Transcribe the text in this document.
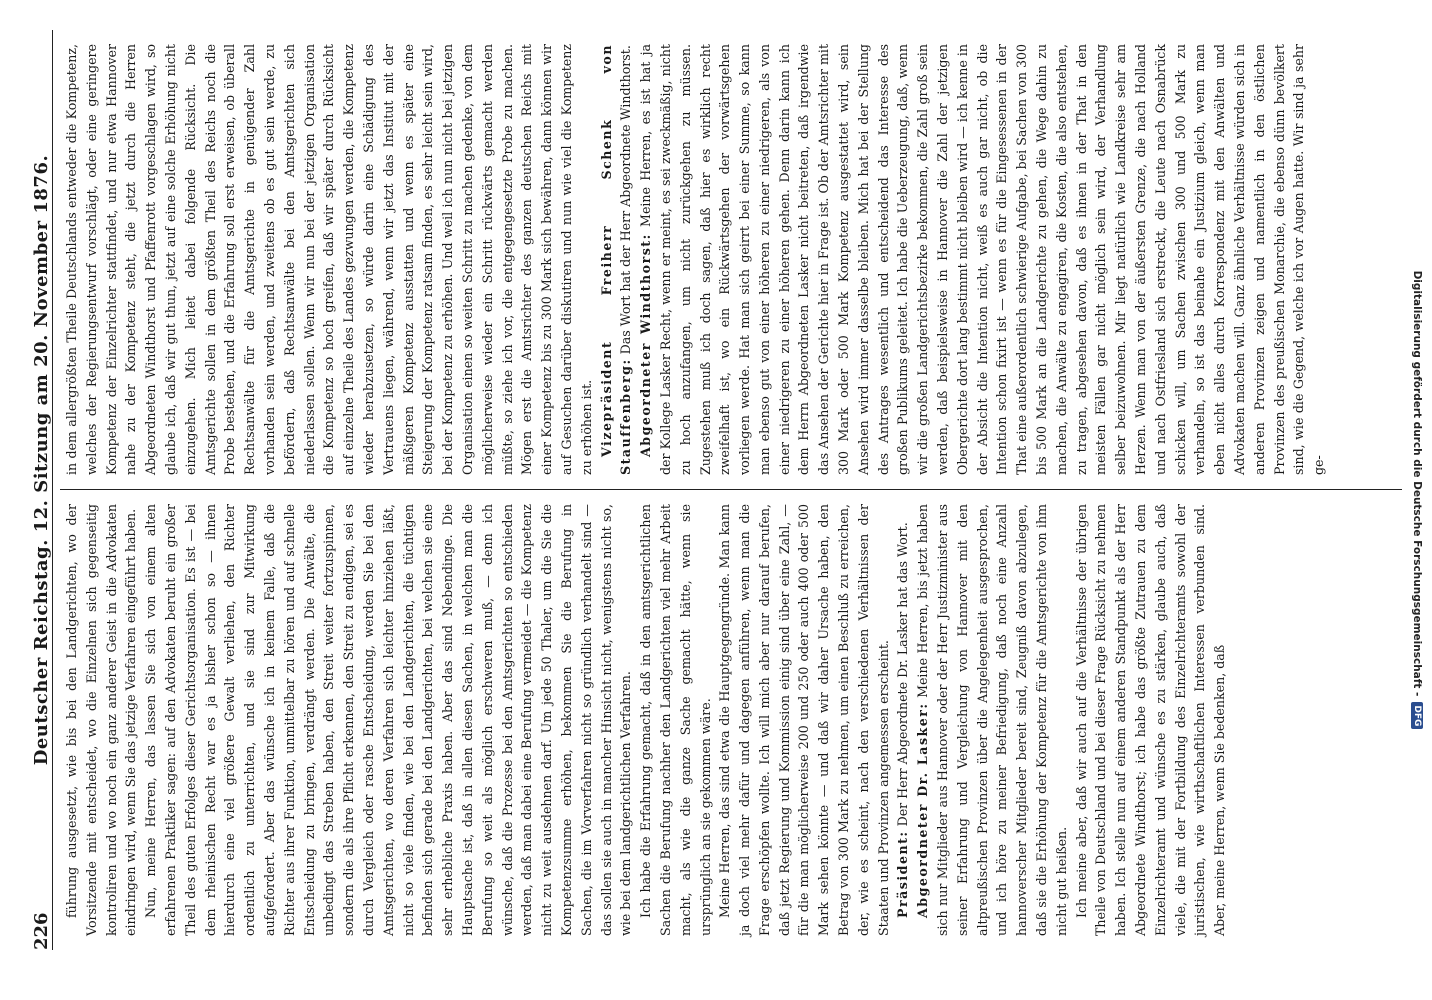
226
Deutscher Reichstag. 12. Sitzung am 20. November 1876. führung ausgesetzt, wie bis bei den Landgerichten, wo der Vorsitzende mit entscheidet, wo die Einzelnen sich gegenseitig kontroliren und wo noch ein ganz anderer Geist in die Advokaten eindringen wird, wenn Sie das jetzige Verfahren eingeführt haben. Nun, meine Herren, das lassen Sie sich von einem alten erfahrenen Praktiker sagen: auf den Advokaten beruht ein großer Theil des guten Erfolges dieser Gerichtsorganisation. Es ist — bei dem rheinischen Recht war es ja bisher schon so — ihnen hierdurch eine viel größere Gewalt verliehen, den Richter ordentlich zu unterrichten, und sie sind zur Mitwirkung aufgefordert. Aber das wünsche ich in keinem Falle, daß die Richter aus ihrer Funktion, unmittelbar zu hören und auf schnelle Entscheidung zu bringen, verdrängt werden. Die Anwälte, die unbedingt das Streben haben, den Streit weiter fortzuspinnen, sondern die als ihre Pflicht erkennen, den Streit zu endigen, sei es durch Vergleich oder rasche Entscheidung, werden Sie bei den Amtsgerichten, wo deren Verfahren sich leichter hinziehen läßt, nicht so viele finden, wie bei den Landgerichten, die tüchtigen befinden sich gerade bei den Landgerichten, bei welchen sie eine sehr erhebliche Praxis haben. Aber das sind Nebendinge. Die Hauptsache ist, daß in allen diesen Sachen, in welchen man die Berufung so weit als möglich erschweren muß, — denn ich wünsche, daß die Prozesse bei den Amtsgerichten so entschieden werden, daß man dabei eine Berufung vermeidet — die Kompetenz nicht zu weit ausdehnen darf. Um jede 50 Thaler, um die Sie die Kompetenzsumme erhöhen, bekommen Sie die Berufung in Sachen, die im Vorverfahren nicht so gründlich verhandelt sind — das sollen sie auch in mancher Hinsicht nicht, wenigstens nicht so, wie bei dem landgerichtlichen Verfahren. Ich habe die Erfahrung gemacht, daß in den amtsgerichtlichen Sachen die Berufung nachher den Landgerichten viel mehr Arbeit macht, als wie die ganze Sache gemacht hätte, wenn sie ursprünglich an sie gekommen wäre. Meine Herren, das sind etwa die Hauptgegengründe. Man kann ja doch viel mehr dafür und dagegen anführen, wenn man die Frage erschöpfen wollte. Ich will mich aber nur darauf berufen, daß jetzt Regierung und Kommission einig sind über eine Zahl, — für die man möglicherweise 200 und 250 oder auch 400 oder 500 Mark sehen könnte — und daß wir daher Ursache haben, den Betrag von 300 Mark zu nehmen, um einen Beschluß zu erreichen, der, wie es scheint, nach den verschiedenen Verhältnissen der Staaten und Provinzen angemessen erscheint. Präsident: Der Herr Abgeordnete Dr. Lasker hat das Wort. Abgeordneter Dr. Lasker: Meine Herren, bis jetzt haben sich nur Mitglieder aus Hannover oder der Herr Justizminister aus seiner Erfahrung und Vergleichung von Hannover mit den altpreußischen Provinzen über die Angelegenheit ausgesprochen, und ich höre zu meiner Befriedigung, daß noch eine Anzahl hannoverscher Mitglieder bereit sind, Zeugniß davon abzulegen, daß sie die Erhöhung der Kompetenz für die Amtsgerichte von ihm nicht gut heißen. Ich meine aber, daß wir auch auf die Verhältnisse der übrigen Theile von Deutschland und bei dieser Frage Rücksicht zu nehmen haben. Ich stelle nun auf einem anderen Standpunkt als der Herr Abgeordnete Windthorst; ich habe das größte Zutrauen zu dem Einzelrichteramt und wünsche es zu stärken, glaube auch, daß viele, die mit der Fortbildung des Einzelrichteramts sowohl der juristischen, wie wirthschaftlichen Interessen verbunden sind. Aber, meine Herren, wenn Sie bedenken, daß

in dem allergrößten Theile Deutschlands entweder die Kompetenz, welches der Regierungsentwurf vorschlägt, oder eine geringere Kompetenz der Einzelrichter stattfindet, und nur etwa Hannover nahe zu der Kompetenz steht, die jetzt durch die Herren Abgeordneten Windthorst und Pfaffenrott vorgeschlagen wird, so glaube ich, daß wir gut thun, jetzt auf eine solche Erhöhung nicht einzugehen. Mich leitet dabei folgende Rücksicht. Die Amtsgerichte sollen in dem größten Theil des Reichs noch die Probe bestehen, und die Erfahrung soll erst erweisen, ob überall Rechtsanwälte für die Amtsgerichte in genügender Zahl vorhanden sein werden, und zweitens ob es gut sein werde, zu befördern, daß Rechtsanwälte bei den Amtsgerichten sich niederlassen sollen. Wenn wir nun bei der jetzigen Organisation die Kompetenz so hoch greifen, daß wir später durch Rücksicht auf einzelne Theile des Landes gezwungen werden, die Kompetenz wieder herabzusetzen, so würde darin eine Schädigung des Vertrauens liegen, während, wenn wir jetzt das Institut mit der mäßigeren Kompetenz ausstatten und wenn es später eine Steigerung der Kompetenz ratsam finden, es sehr leicht sein wird, bei der Kompetenz zu erhöhen. Und weil ich nun nicht bei jetzigen Organisation einen so weiten Schritt zu machen gedenke, von dem möglicherweise wieder ein Schritt rückwärts gemacht werden müßte, so ziehe ich vor, die entgegengesetzte Probe zu machen. Mögen erst die Amtsrichter des ganzen deutschen Reichs mit einer Kompetenz bis zu 300 Mark sich bewähren, dann können wir auf Gesuchen darüber diskutiren und nun wie viel die Kompetenz zu erhöhen ist. Vizepräsident Freiherr Schenk von Stauffenberg: Das Wort hat der Herr Abgeordnete Windthorst. Abgeordneter Windthorst: Meine Herren, es ist hat ja der Kollege Lasker Recht, wenn er meint, es sei zweckmäßig, nicht zu hoch anzufangen, um nicht zurückgehen zu müssen. Zugestehen muß ich doch sagen, daß hier es wirklich recht zweifelhaft ist, wo ein Rückwärtsgehen der vorwärtsgehen vorliegen werde. Hat man sich geirrt bei einer Summe, so kann man ebenso gut von einer höheren zu einer niedrigeren, als von einer niedrigeren zu einer höheren gehen. Denn darin kann ich dem Herrn Abgeordneten Lasker nicht beitreten, daß irgendwie das Ansehen der Gerichte hier in Frage ist. Ob der Amtsrichter mit 300 Mark oder 500 Mark Kompetenz ausgestattet wird, sein Ansehen wird immer dasselbe bleiben. Mich hat bei der Stellung des Antrages wesentlich und entscheidend das Interesse des großen Publikums geleitet. Ich habe die Ueberzeugung, daß, wenn wir die großen Landgerichtsbezirke bekommen, die Zahl groß sein werden, daß beispielsweise in Hannover die Zahl der jetzigen Obergerichte dort lang bestimmt nicht bleiben wird — ich kenne in der Absicht die Intention nicht, weiß es auch gar nicht, ob die Intention schon fixirt ist — wenn es für die Eingesessenen in der That eine außerordentlich schwierige Aufgabe, bei Sachen von 300 bis 500 Mark an die Landgerichte zu gehen, die Wege dahin zu machen, die Anwälte zu engagiren, die Kosten, die also entstehen, zu tragen, abgesehen davon, daß es ihnen in der That in den meisten Fällen gar nicht möglich sein wird, der Verhandlung selber beizuwohnen. Mir liegt natürlich wie Landkreise sehr am Herzen. Wenn man von der äußersten Grenze, die nach Holland und nach Ostfriesland sich erstreckt, die Leute nach Osnabrück schicken will, um Sachen zwischen 300 und 500 Mark zu verhandeln, so ist das beinahe ein Justizium gleich, wenn man eben nicht alles durch Korrespondenz mit den Anwälten und Advokaten machen will. Ganz ähnliche Verhältnisse würden sich in anderen Provinzen zeigen und namentlich in den östlichen Provinzen des preußischen Monarchie, die ebenso dünn bevölkert sind, wie die Gegend, welche ich vor Augen hatte. Wir sind ja sehr ge-	Digitalisierung gefördert durch die Deutsche Forschungsgemeinschaft -
DFG
